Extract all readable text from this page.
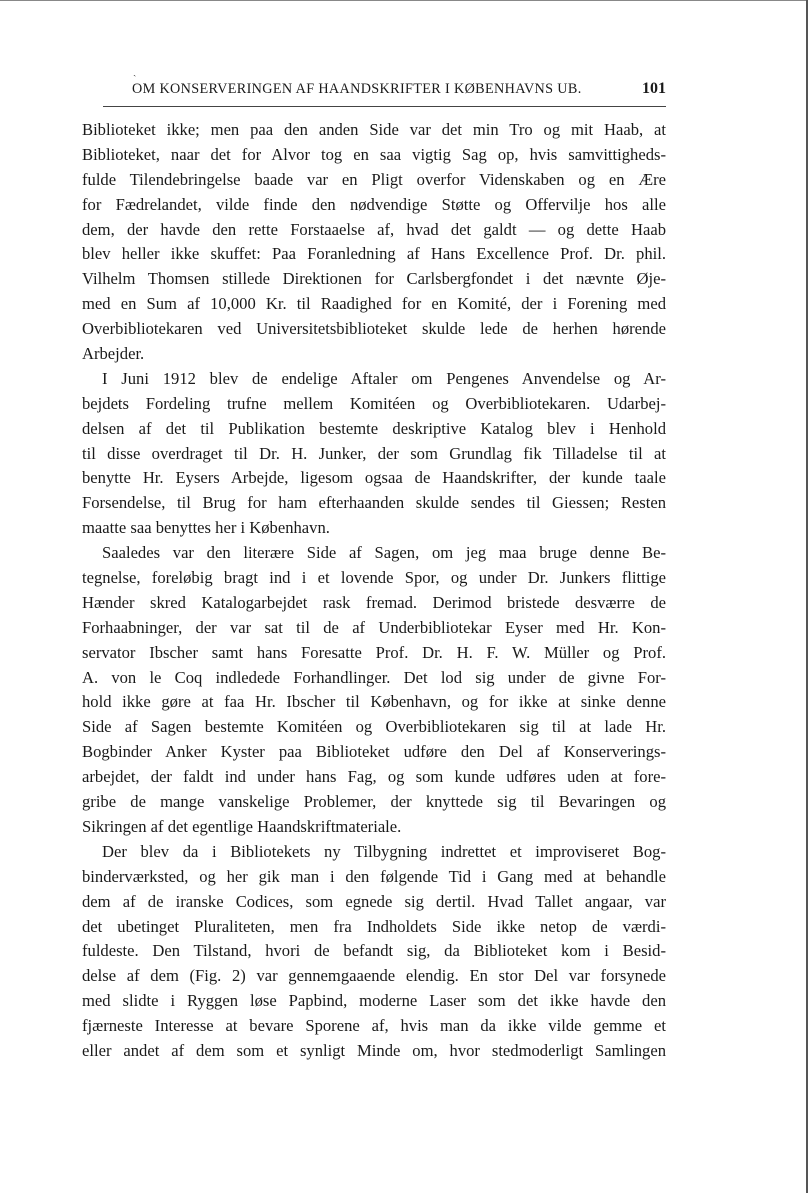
ˎ
OM KONSERVERINGEN AF HAANDSKRIFTER I KØBENHAVNS UB.	101
Biblioteket ikke; men paa den anden Side var det min Tro og mit Haab, at
Biblioteket, naar det for Alvor tog en saa vigtig Sag op, hvis samvittigheds-
fulde Tilendebringelse baade var en Pligt overfor Videnskaben og en Ære
for Fædrelandet, vilde finde den nødvendige Støtte og Offervilje hos alle
dem, der havde den rette Forstaaelse af, hvad det galdt — og dette Haab
blev heller ikke skuffet: Paa Foranledning af Hans Excellence Prof. Dr. phil.
Vilhelm Thomsen stillede Direktionen for Carlsbergfondet i det nævnte Øje-
med en Sum af 10,000 Kr. til Raadighed for en Komité, der i Forening med
Overbibliotekaren ved Universitetsbiblioteket skulde lede de herhen hørende
Arbejder.
I Juni 1912 blev de endelige Aftaler om Pengenes Anvendelse og Ar-
bejdets Fordeling trufne mellem Komitéen og Overbibliotekaren. Udarbej-
delsen af det til Publikation bestemte deskriptive Katalog blev i Henhold
til disse overdraget til Dr. H. Junker, der som Grundlag fik Tilladelse til at
benytte Hr. Eysers Arbejde, ligesom ogsaa de Haandskrifter, der kunde taale
Forsendelse, til Brug for ham efterhaanden skulde sendes til Giessen; Resten
maatte saa benyttes her i København.
Saaledes var den literære Side af Sagen, om jeg maa bruge denne Be-
tegnelse, foreløbig bragt ind i et lovende Spor, og under Dr. Junkers flittige
Hænder skred Katalogarbejdet rask fremad. Derimod bristede desværre de
Forhaabninger, der var sat til de af Underbibliotekar Eyser med Hr. Kon-
servator Ibscher samt hans Foresatte Prof. Dr. H. F. W. Müller og Prof.
A. von le Coq indledede Forhandlinger. Det lod sig under de givne For-
hold ikke gøre at faa Hr. Ibscher til København, og for ikke at sinke denne
Side af Sagen bestemte Komitéen og Overbibliotekaren sig til at lade Hr.
Bogbinder Anker Kyster paa Biblioteket udføre den Del af Konserverings-
arbejdet, der faldt ind under hans Fag, og som kunde udføres uden at fore-
gribe de mange vanskelige Problemer, der knyttede sig til Bevaringen og
Sikringen af det egentlige Haandskriftmateriale.
Der blev da i Bibliotekets ny Tilbygning indrettet et improviseret Bog-
binderværksted, og her gik man i den følgende Tid i Gang med at behandle
dem af de iranske Codices, som egnede sig dertil. Hvad Tallet angaar, var
det ubetinget Pluraliteten, men fra Indholdets Side ikke netop de værdi-
fuldeste. Den Tilstand, hvori de befandt sig, da Biblioteket kom i Besid-
delse af dem (Fig. 2) var gennemgaaende elendig. En stor Del var forsynede
med slidte i Ryggen løse Papbind, moderne Laser som det ikke havde den
fjærneste Interesse at bevare Sporene af, hvis man da ikke vilde gemme et
eller andet af dem som et synligt Minde om, hvor stedmoderligt Samlingen
